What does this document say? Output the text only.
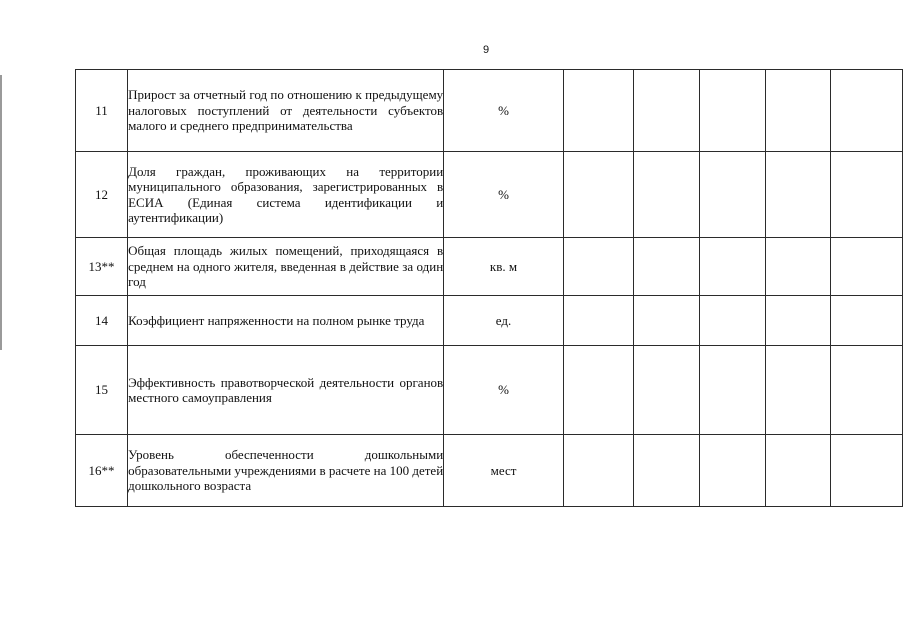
9
11	Прирост за отчетный год по отношению к предыдущему налоговых поступлений от деятельности субъектов малого и среднего предпринимательства	%					
12	Доля граждан, проживающих на территории муниципального образования, зарегистрированных в ЕСИА (Единая система идентификации и аутентификации)	%					
13**	Общая площадь жилых помещений, приходящаяся в среднем на одного жителя, введенная в действие за один год	кв. м					
14	Коэффициент напряженности на полном рынке труда	ед.					
15	Эффективность правотворческой деятельности органов местного самоуправления	%					
16**	Уровень обеспеченности дошкольными образовательными учреждениями в расчете на 100 детей дошкольного возраста	мест					
